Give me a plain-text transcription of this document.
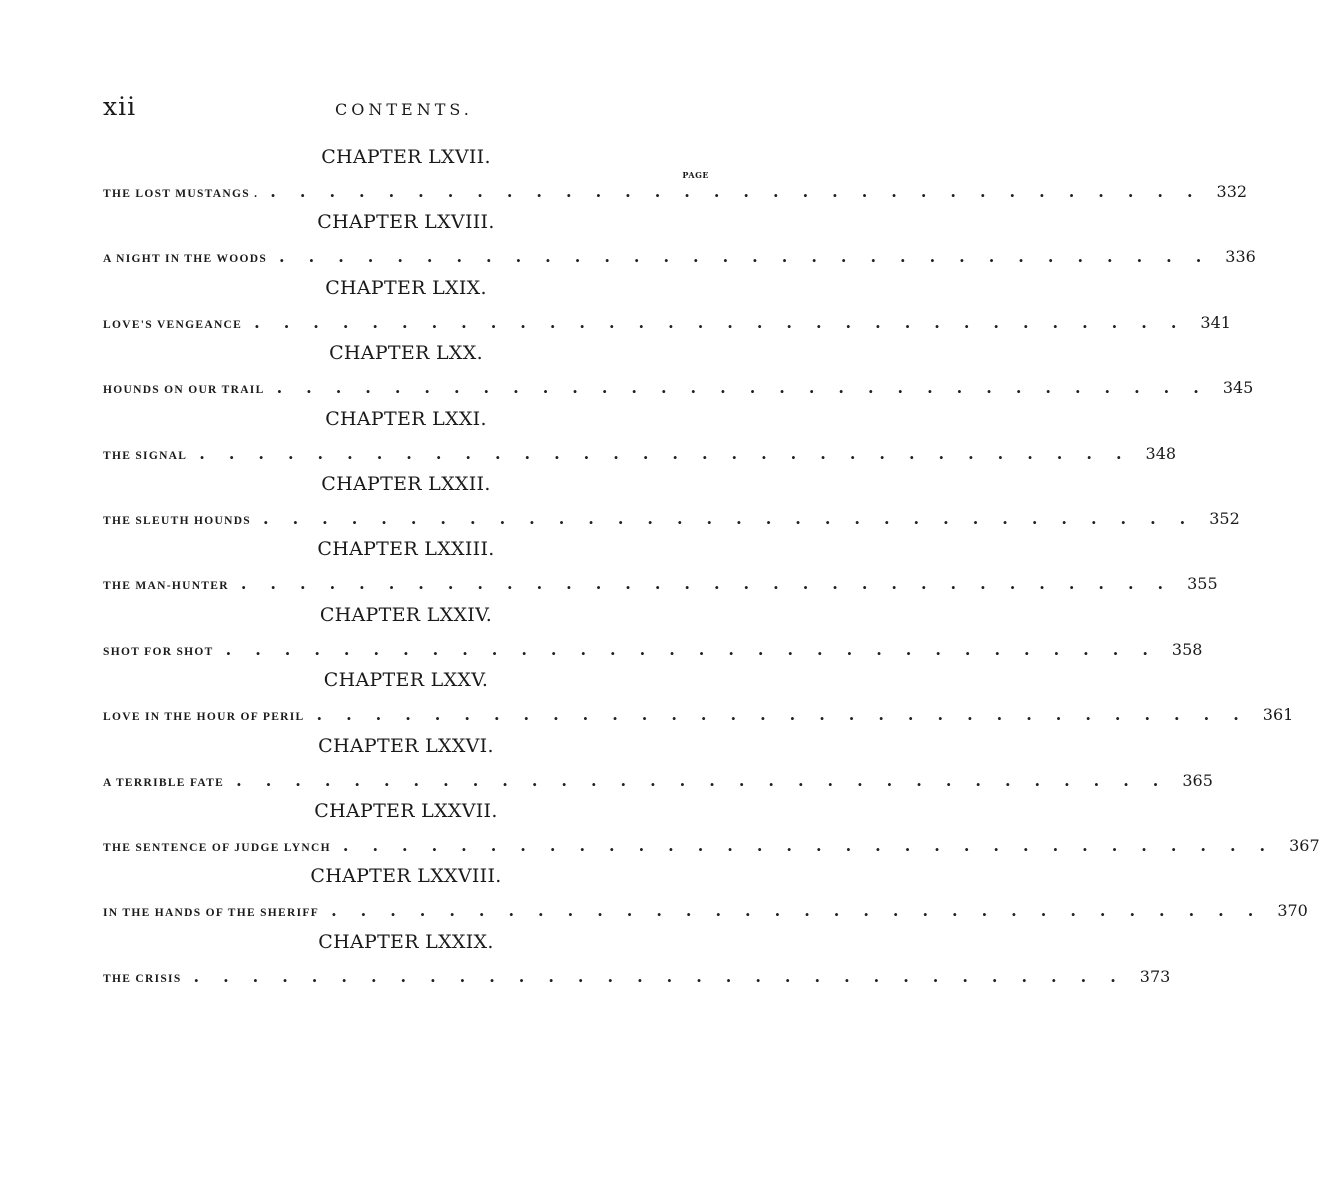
xii	CONTENTS.
PAGE
CHAPTER LXVII.
THE LOST MUSTANGS . ................................ 332
CHAPTER LXVIII.
A NIGHT IN THE WOODS ................................ 336
CHAPTER LXIX.
LOVE'S VENGEANCE ................................ 341
CHAPTER LXX.
HOUNDS ON OUR TRAIL ................................ 345
CHAPTER LXXI.
THE SIGNAL ................................ 348
CHAPTER LXXII.
THE SLEUTH HOUNDS ................................ 352
CHAPTER LXXIII.
THE MAN-HUNTER ................................ 355
CHAPTER LXXIV.
SHOT FOR SHOT ................................ 358
CHAPTER LXXV.
LOVE IN THE HOUR OF PERIL ................................ 361
CHAPTER LXXVI.
A TERRIBLE FATE ................................ 365
CHAPTER LXXVII.
THE SENTENCE OF JUDGE LYNCH ................................ 367
CHAPTER LXXVIII.
IN THE HANDS OF THE SHERIFF ................................ 370
CHAPTER LXXIX.
THE CRISIS ................................ 373
